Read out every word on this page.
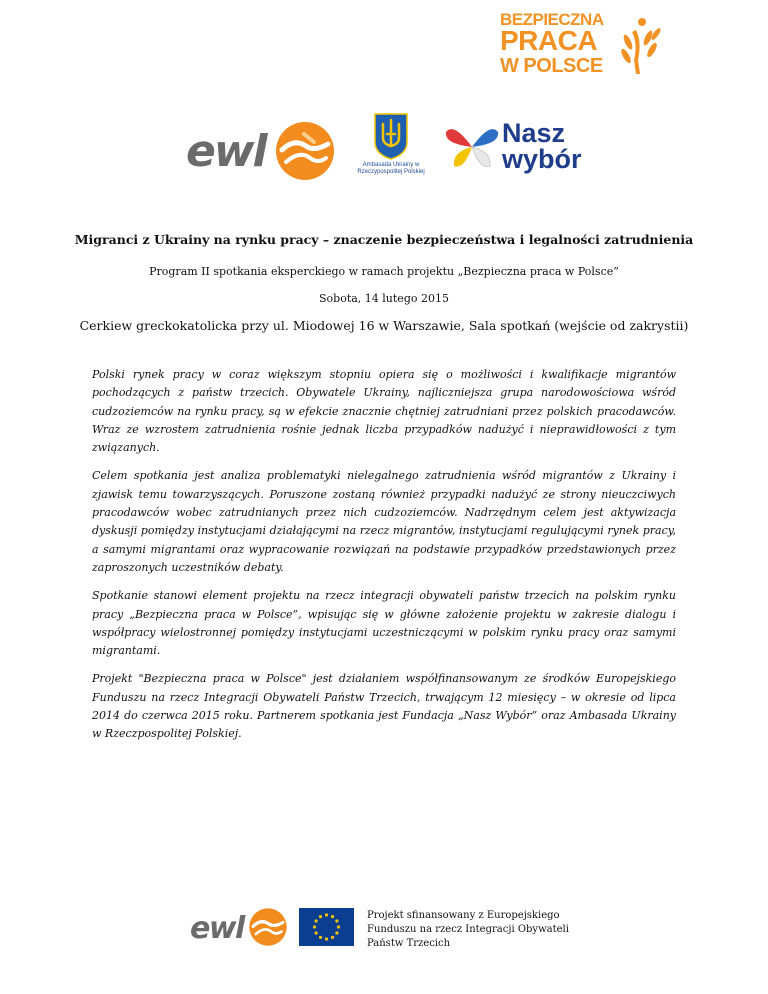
BEZPIECZNA
PRACA
W POLSCE
ewl	Ambasada Ukrainy w
Rzeczypospolitej Polskiej
Nasz
wybór
Migranci z Ukrainy na rynku pracy – znaczenie bezpieczeństwa i legalności zatrudnienia
Program II spotkania eksperckiego w ramach projektu „Bezpieczna praca w Polsce”
Sobota, 14 lutego 2015
Cerkiew greckokatolicka przy ul. Miodowej 16 w Warszawie, Sala spotkań (wejście od zakrystii)

Polski rynek pracy w coraz większym stopniu opiera się o możliwości i kwalifikacje migrantów pochodzących z państw trzecich. Obywatele Ukrainy, najliczniejsza grupa narodowościowa wśród cudzoziemców na rynku pracy, są w efekcie znacznie chętniej zatrudniani przez polskich pracodawców. Wraz ze wzrostem zatrudnienia rośnie jednak liczba przypadków nadużyć i nieprawidłowości z tym związanych.

Celem spotkania jest analiza problematyki nielegalnego zatrudnienia wśród migrantów z Ukrainy i zjawisk temu towarzyszących. Poruszone zostaną również przypadki nadużyć ze strony nieuczciwych pracodawców wobec zatrudnianych przez nich cudzoziemców. Nadrzędnym celem jest aktywizacja dyskusji pomiędzy instytucjami działającymi na rzecz migrantów, instytucjami regulującymi rynek pracy, a samymi migrantami oraz wypracowanie rozwiązań na podstawie przypadków przedstawionych przez zaproszonych uczestników debaty.

Spotkanie stanowi element projektu na rzecz integracji obywateli państw trzecich na polskim rynku pracy „Bezpieczna praca w Polsce”, wpisując się w główne założenie projektu w zakresie dialogu i współpracy wielostronnej pomiędzy instytucjami uczestniczącymi w polskim rynku pracy oraz samymi migrantami.

Projekt "Bezpieczna praca w Polsce" jest działaniem współfinansowanym ze środków Europejskiego Funduszu na rzecz Integracji Obywateli Państw Trzecich, trwającym 12 miesięcy – w okresie od lipca 2014 do czerwca 2015 roku. Partnerem spotkania jest Fundacja „Nasz Wybór” oraz Ambasada Ukrainy w Rzeczpospolitej Polskiej.

ewl	Projekt sfinansowany z Europejskiego
Funduszu na rzecz Integracji Obywateli
Państw Trzecich
